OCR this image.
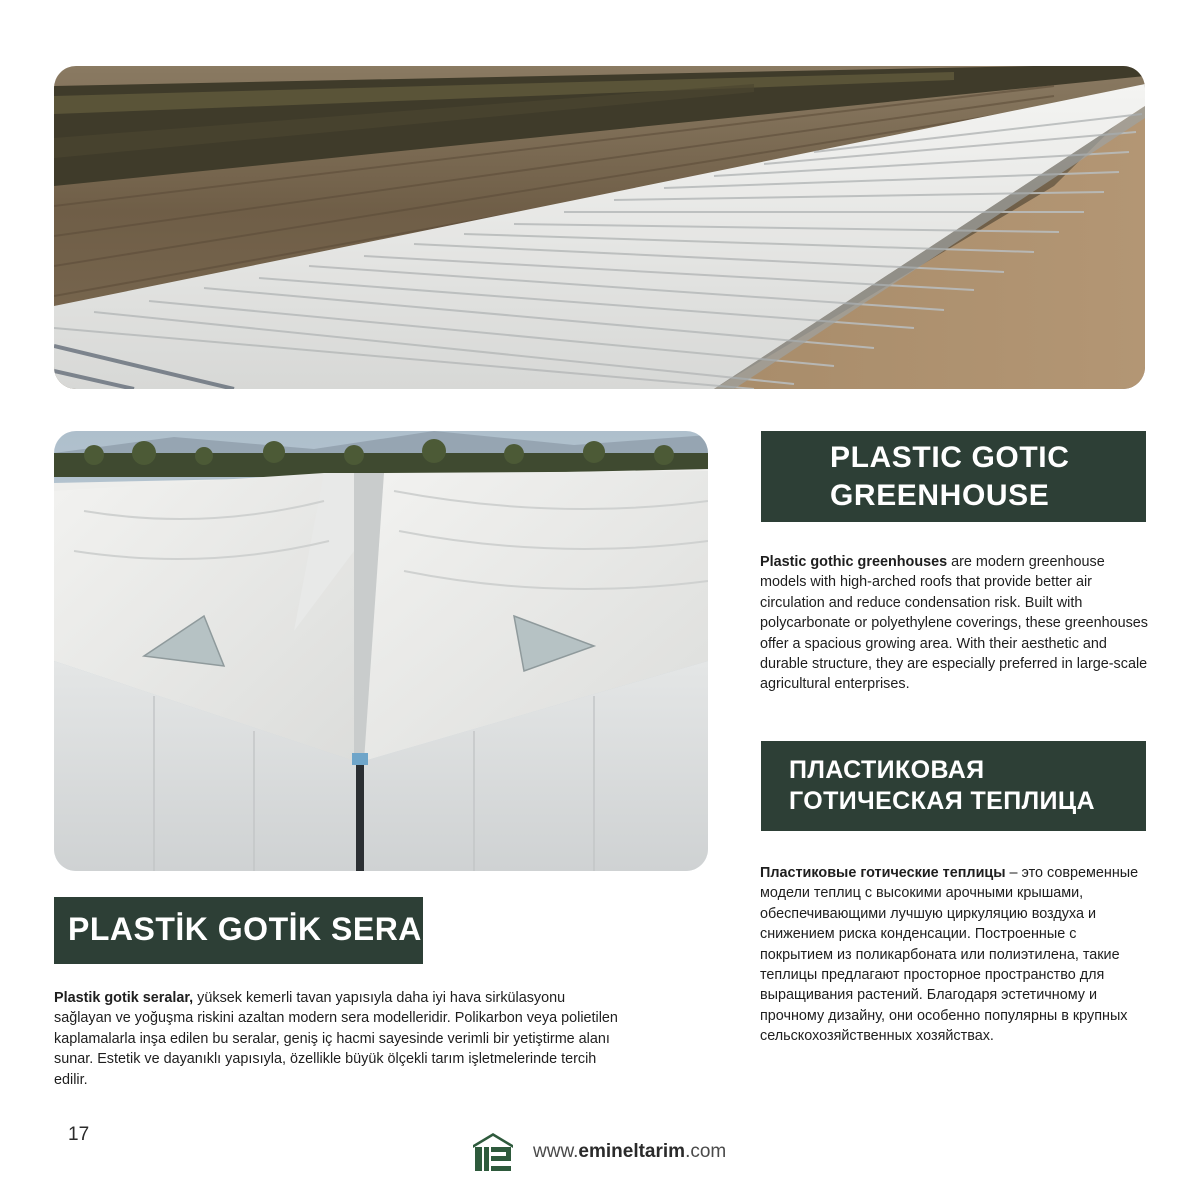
PLASTIC GOTIC
GREENHOUSE

Plastic gothic greenhouses are modern greenhouse models with high-arched roofs that provide better air circulation and reduce condensation risk. Built with polycarbonate or polyethylene coverings, these greenhouses offer a spacious growing area. With their aesthetic and durable structure, they are especially preferred in large-scale agricultural enterprises.

ПЛАСТИКОВАЯ
ГОТИЧЕСКАЯ ТЕПЛИЦА

Пластиковые готические теплицы – это современные модели теплиц с высокими арочными крышами, обеспечивающими лучшую циркуляцию воздуха и снижением риска конденсации. Построенные с покрытием из поликарбоната или полиэтилена, такие теплицы предлагают просторное пространство для выращивания растений. Благодаря эстетичному и прочному дизайну, они особенно популярны в крупных сельскохозяйственных хозяйствах.

PLASTİK GOTİK SERA

Plastik gotik seralar, yüksek kemerli tavan yapısıyla daha iyi hava sirkülasyonu sağlayan ve yoğuşma riskini azaltan modern sera modelleridir. Polikarbon veya polietilen kaplamalarla inşa edilen bu seralar, geniş iç hacmi sayesinde verimli bir yetiştirme alanı sunar. Estetik ve dayanıklı yapısıyla, özellikle büyük ölçekli tarım işletmelerinde tercih edilir.

17
www.emineltarim.com
